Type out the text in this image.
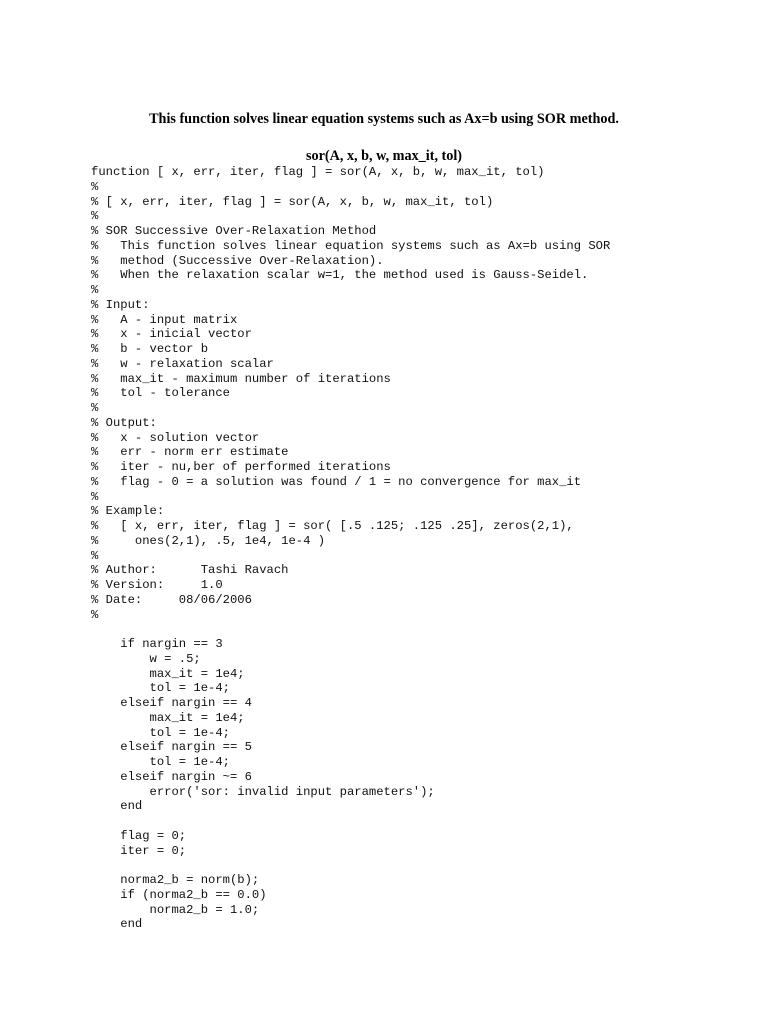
This function solves linear equation systems such as Ax=b using SOR method.
sor(A, x, b, w, max_it, tol)
function [ x, err, iter, flag ] = sor(A, x, b, w, max_it, tol)
%
% [ x, err, iter, flag ] = sor(A, x, b, w, max_it, tol)
%
% SOR Successive Over-Relaxation Method
%   This function solves linear equation systems such as Ax=b using SOR
%   method (Successive Over-Relaxation).
%   When the relaxation scalar w=1, the method used is Gauss-Seidel.
%
% Input:
%   A - input matrix
%   x - inicial vector
%   b - vector b
%   w - relaxation scalar
%   max_it - maximum number of iterations
%   tol - tolerance
%
% Output:
%   x - solution vector
%   err - norm err estimate
%   iter - nu,ber of performed iterations
%   flag - 0 = a solution was found / 1 = no convergence for max_it
%
% Example:
%   [ x, err, iter, flag ] = sor( [.5 .125; .125 .25], zeros(2,1),
%     ones(2,1), .5, 1e4, 1e-4 )
%
% Author:      Tashi Ravach
% Version:     1.0
% Date:     08/06/2006
%
if nargin == 3
w = .5;
max_it = 1e4;
tol = 1e-4;
elseif nargin == 4
max_it = 1e4;
tol = 1e-4;
elseif nargin == 5
tol = 1e-4;
elseif nargin ~= 6
error('sor: invalid input parameters');
end
flag = 0;
iter = 0;
norma2_b = norm(b);
if (norma2_b == 0.0)
norma2_b = 1.0;
end
